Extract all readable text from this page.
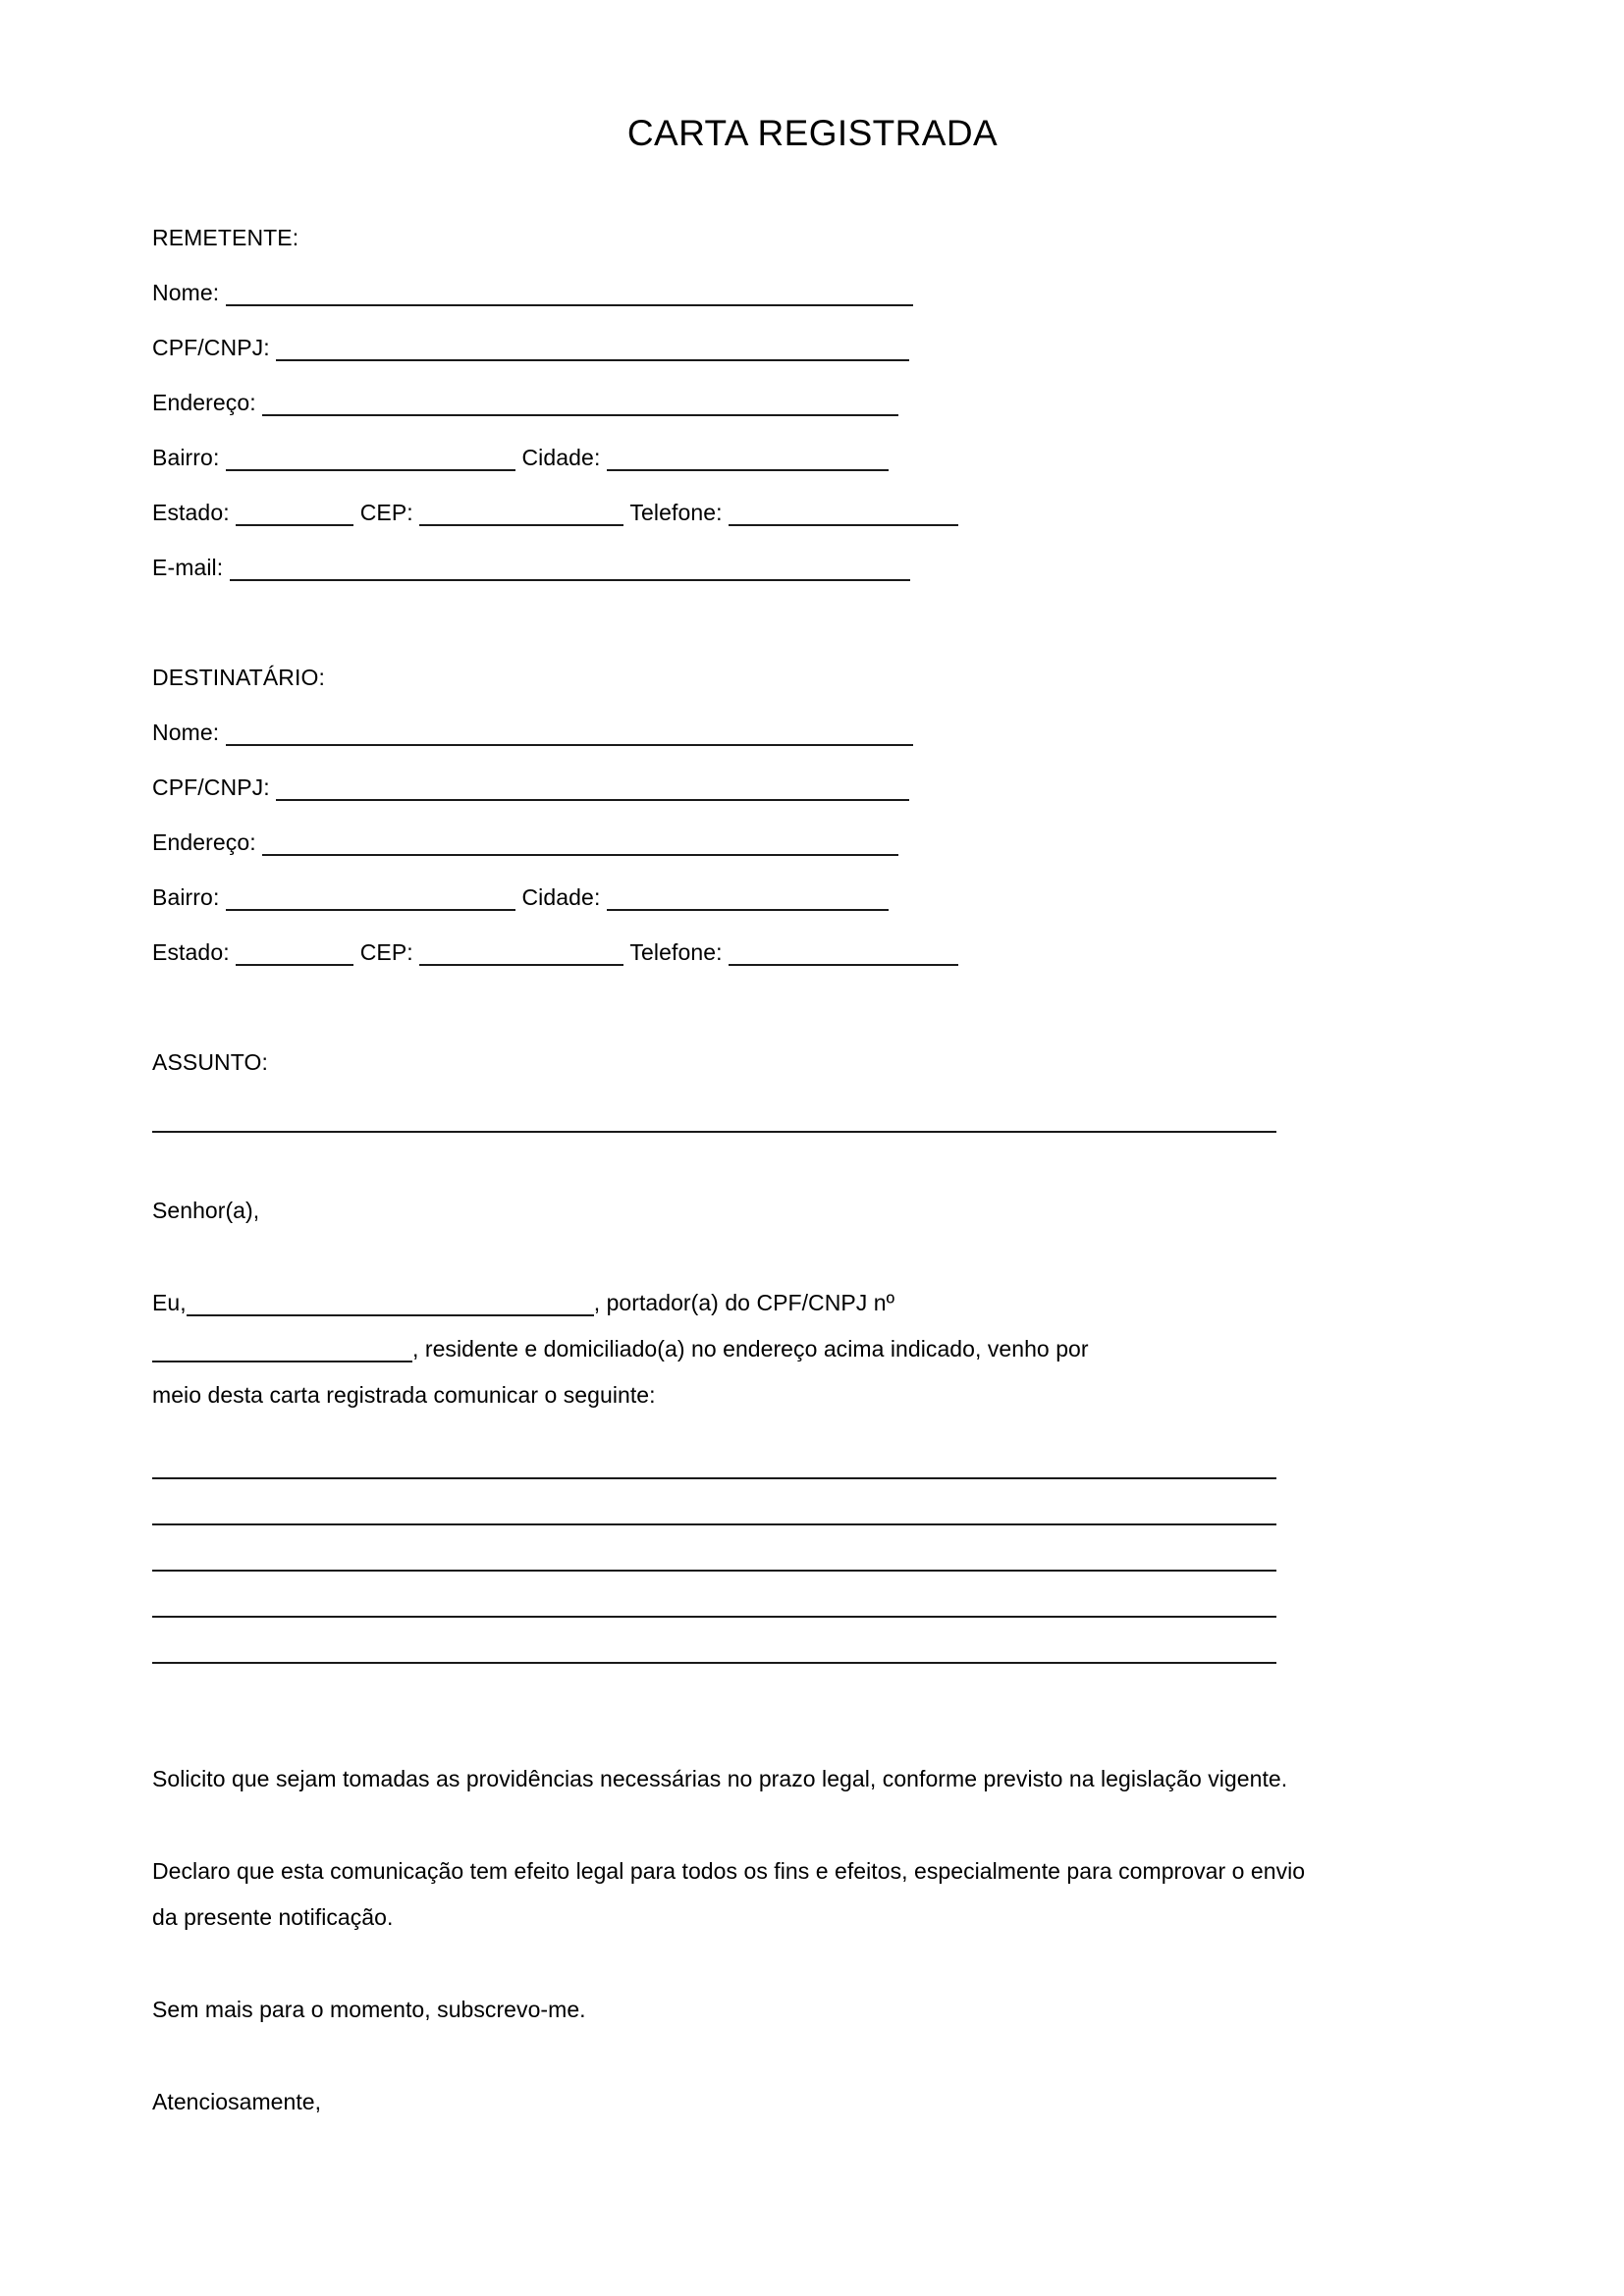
CARTA REGISTRADA
REMETENTE:
Nome:
CPF/CNPJ:
Endereço:
Bairro:	Cidade:
Estado:	CEP:	Telefone:
E-mail:
DESTINATÁRIO:
Nome:
CPF/CNPJ:
Endereço:
Bairro:	Cidade:
Estado:	CEP:	Telefone:
ASSUNTO:
Senhor(a),
Eu,	, portador(a) do CPF/CNPJ nº
, residente e domiciliado(a) no endereço acima indicado, venho por
meio desta carta registrada comunicar o seguinte:
Solicito que sejam tomadas as providências necessárias no prazo legal, conforme previsto na legislação vigente.
Declaro que esta comunicação tem efeito legal para todos os fins e efeitos, especialmente para comprovar o envio da presente notificação.
Sem mais para o momento, subscrevo-me.
Atenciosamente,
